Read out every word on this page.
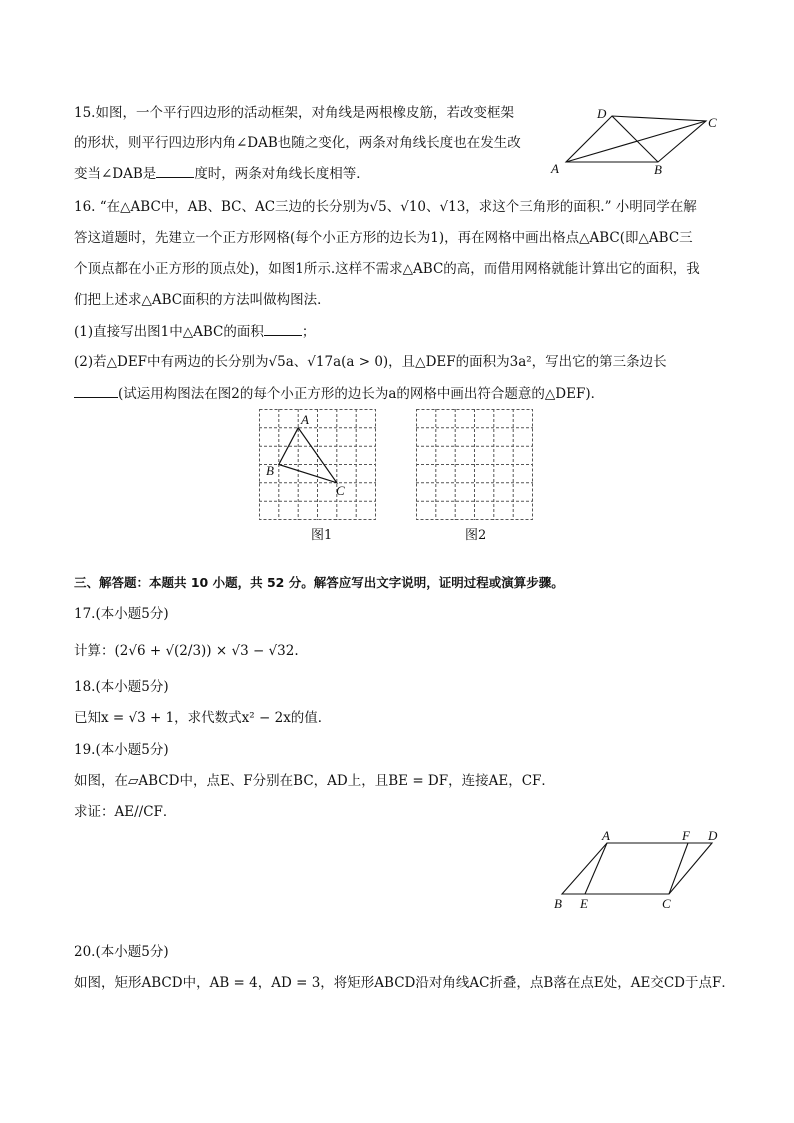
15.如图，一个平行四边形的活动框架，对角线是两根橡皮筋，若改变框架
的形状，则平行四边形内角∠DAB也随之变化，两条对角线长度也在发生改
变当∠DAB是	度时，两条对角线长度相等．
D
C
A	B
16. “在△ABC中，AB、BC、AC三边的长分别为√5、√10、√13，求这个三角形的面积.” 小明同学在解
答这道题时，先建立一个正方形网格(每个小正方形的边长为1)，再在网格中画出格点△ABC(即△ABC三
个顶点都在小正方形的顶点处)，如图1所示.这样不需求△ABC的高，而借用网格就能计算出它的面积，我
们把上述求△ABC面积的方法叫做构图法．
(1)直接写出图1中△ABC的面积	；
(2)若△DEF中有两边的长分别为√5a、√17a(a > 0)，且△DEF的面积为3a²，写出它的第三条边长
(试运用构图法在图2的每个小正方形的边长为a的网格中画出符合题意的△DEF)．
A
B
C
图1	图2
三、解答题：本题共 10 小题，共 52 分。解答应写出文字说明，证明过程或演算步骤。
17.(本小题5分)
计算：(2√6 + √(2/3)) × √3 − √32.
18.(本小题5分)
已知x = √3 + 1，求代数式x² − 2x的值．
19.(本小题5分)
如图，在▱ABCD中，点E、F分别在BC，AD上，且BE = DF，连接AE，CF．
求证：AE//CF．
A	F D
B E	C
20.(本小题5分)
如图，矩形ABCD中，AB = 4，AD = 3，将矩形ABCD沿对角线AC折叠，点B落在点E处，AE交CD于点F．
